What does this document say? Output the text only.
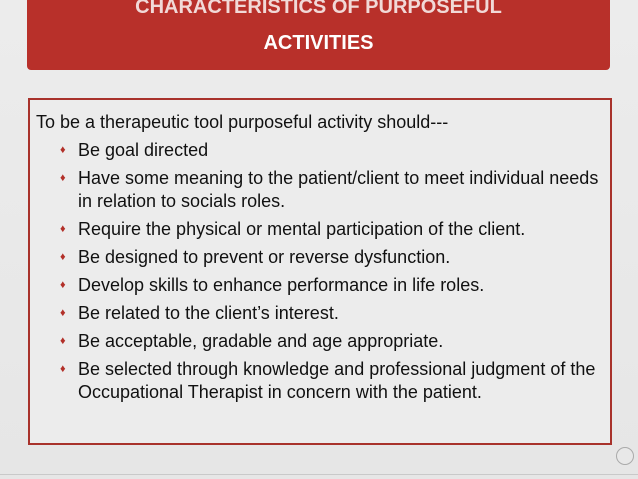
CHARACTERISTICS OF PURPOSEFUL
ACTIVITIES
To be a therapeutic tool purposeful activity should---
♦ Be goal directed
♦ Have some meaning to the patient/client to meet individual needs in relation to socials roles.
♦ Require the physical or mental participation of the client.
♦ Be designed to prevent or reverse dysfunction.
♦ Develop skills to enhance performance in life roles.
♦ Be related to the client’s interest.
♦ Be acceptable, gradable and age appropriate.
♦ Be selected through knowledge and professional judgment of the Occupational Therapist in concern with the patient.
